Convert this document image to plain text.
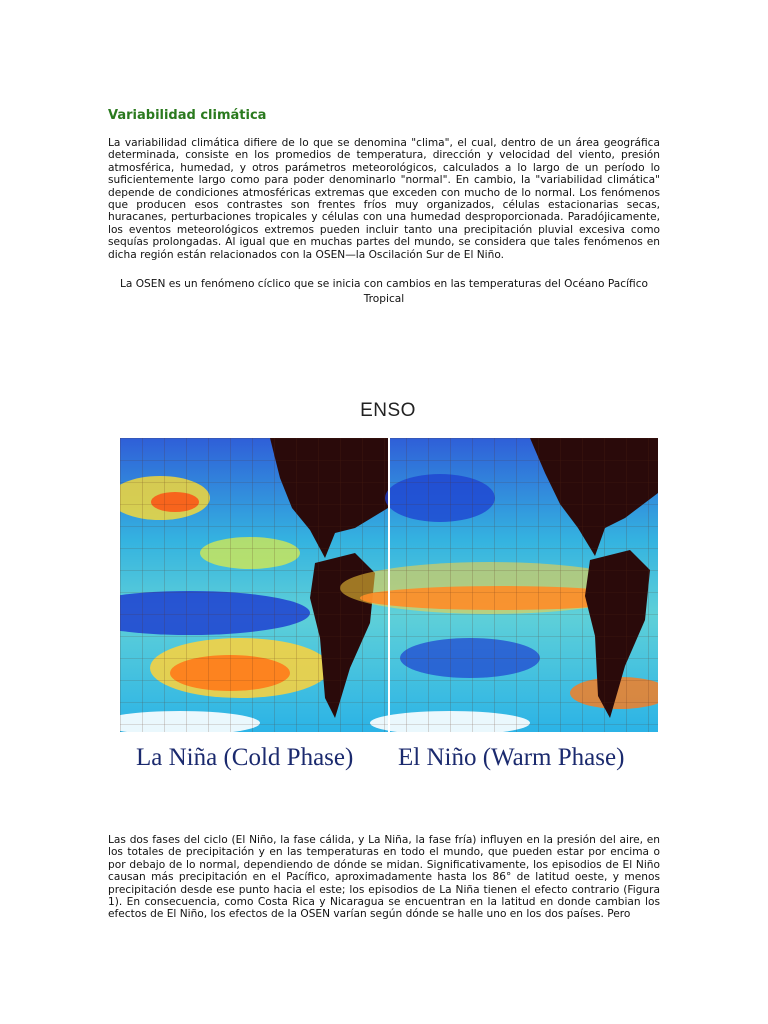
Variabilidad climática

La variabilidad climática difiere de lo que se denomina "clima", el cual, dentro de un área geográfica determinada, consiste en los promedios de temperatura, dirección y velocidad del viento, presión atmosférica, humedad, y otros parámetros meteorológicos, calculados a lo largo de un período lo suficientemente largo como para poder denominarlo "normal". En cambio, la "variabilidad climática" depende de condiciones atmosféricas extremas que exceden con mucho de lo normal. Los fenómenos que producen esos contrastes son frentes fríos muy organizados, células estacionarias secas, huracanes, perturbaciones tropicales y células con una humedad desproporcionada. Paradójicamente, los eventos meteorológicos extremos pueden incluir tanto una precipitación pluvial excesiva como sequías prolongadas. Al igual que en muchas partes del mundo, se considera que tales fenómenos en dicha región están relacionados con la OSEN—la Oscilación Sur de El Niño.

La OSEN es un fenómeno cíclico que se inicia con cambios en las temperaturas del Océano Pacífico Tropical

ENSO
La Niña (Cold Phase) El Niño (Warm Phase)

Las dos fases del ciclo (El Niño, la fase cálida, y La Niña, la fase fría) influyen en la presión del aire, en los totales de precipitación y en las temperaturas en todo el mundo, que pueden estar por encima o por debajo de lo normal, dependiendo de dónde se midan. Significativamente, los episodios de El Niño causan más precipitación en el Pacífico, aproximadamente hasta los 86° de latitud oeste, y menos precipitación desde ese punto hacia el este; los episodios de La Niña tienen el efecto contrario (Figura 1). En consecuencia, como Costa Rica y Nicaragua se encuentran en la latitud en donde cambian los efectos de El Niño, los efectos de la OSEN varían según dónde se halle uno en los dos países. Pero
